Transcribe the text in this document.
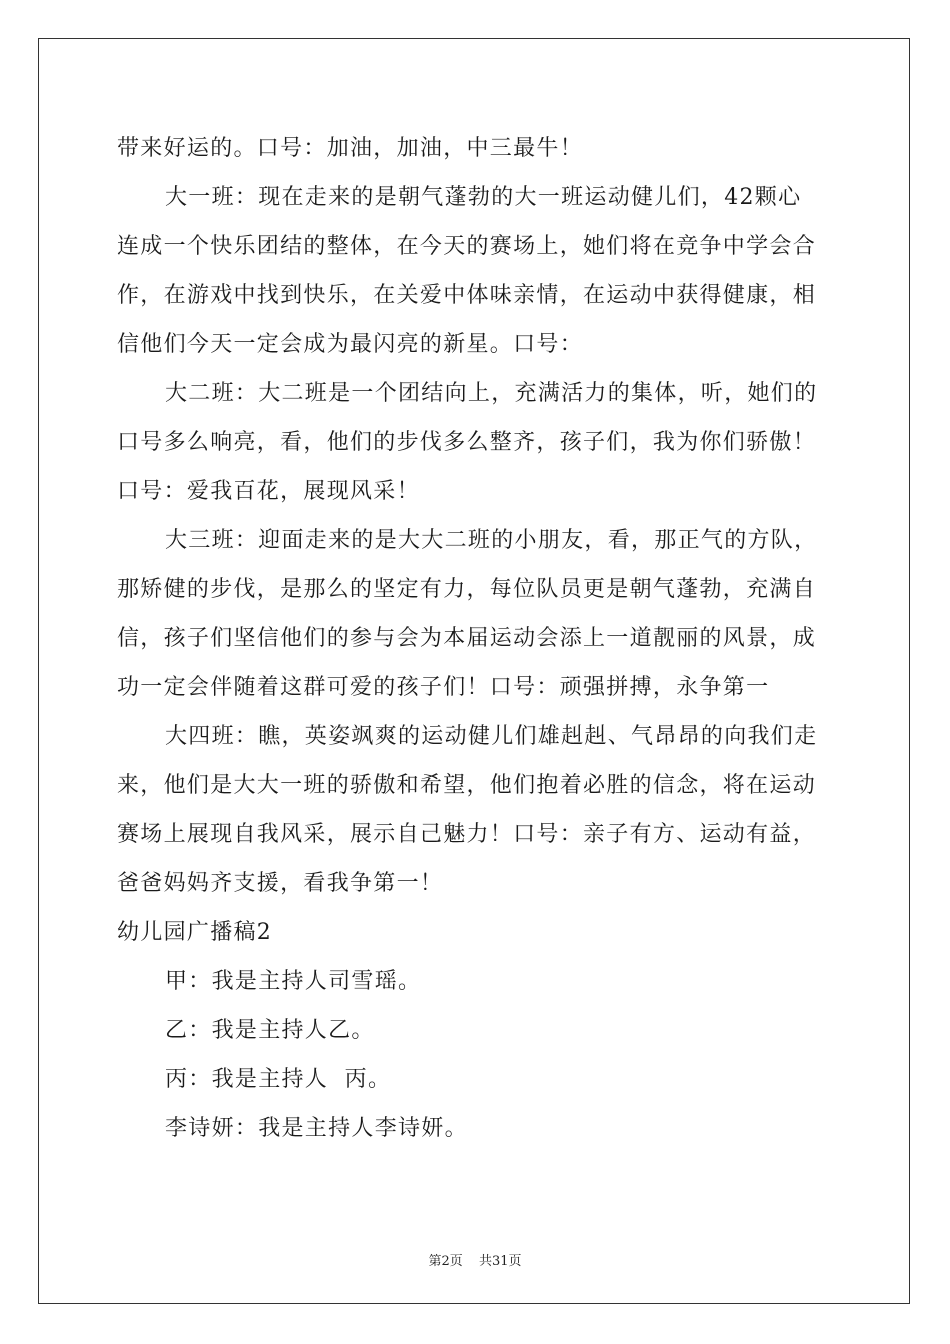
带来好运的。口号：加油，加油，中三最牛！
大一班：现在走来的是朝气蓬勃的大一班运动健儿们，42颗心
连成一个快乐团结的整体，在今天的赛场上，她们将在竞争中学会合
作，在游戏中找到快乐，在关爱中体味亲情，在运动中获得健康，相
信他们今天一定会成为最闪亮的新星。口号：
大二班：大二班是一个团结向上，充满活力的集体，听，她们的
口号多么响亮，看，他们的步伐多么整齐，孩子们，我为你们骄傲！
口号：爱我百花，展现风采！
大三班：迎面走来的是大大二班的小朋友，看，那正气的方队，
那矫健的步伐，是那么的坚定有力，每位队员更是朝气蓬勃，充满自
信，孩子们坚信他们的参与会为本届运动会添上一道靓丽的风景，成
功一定会伴随着这群可爱的孩子们！口号：顽强拼搏，永争第一
大四班：瞧，英姿飒爽的运动健儿们雄赳赳、气昂昂的向我们走
来，他们是大大一班的骄傲和希望，他们抱着必胜的信念，将在运动
赛场上展现自我风采，展示自己魅力！口号：亲子有方、运动有益，
爸爸妈妈齐支援，看我争第一！
幼儿园广播稿2
甲：我是主持人司雪瑶。
乙：我是主持人乙。
丙：我是主持人  丙。
李诗妍：我是主持人李诗妍。
第2页 共31页
